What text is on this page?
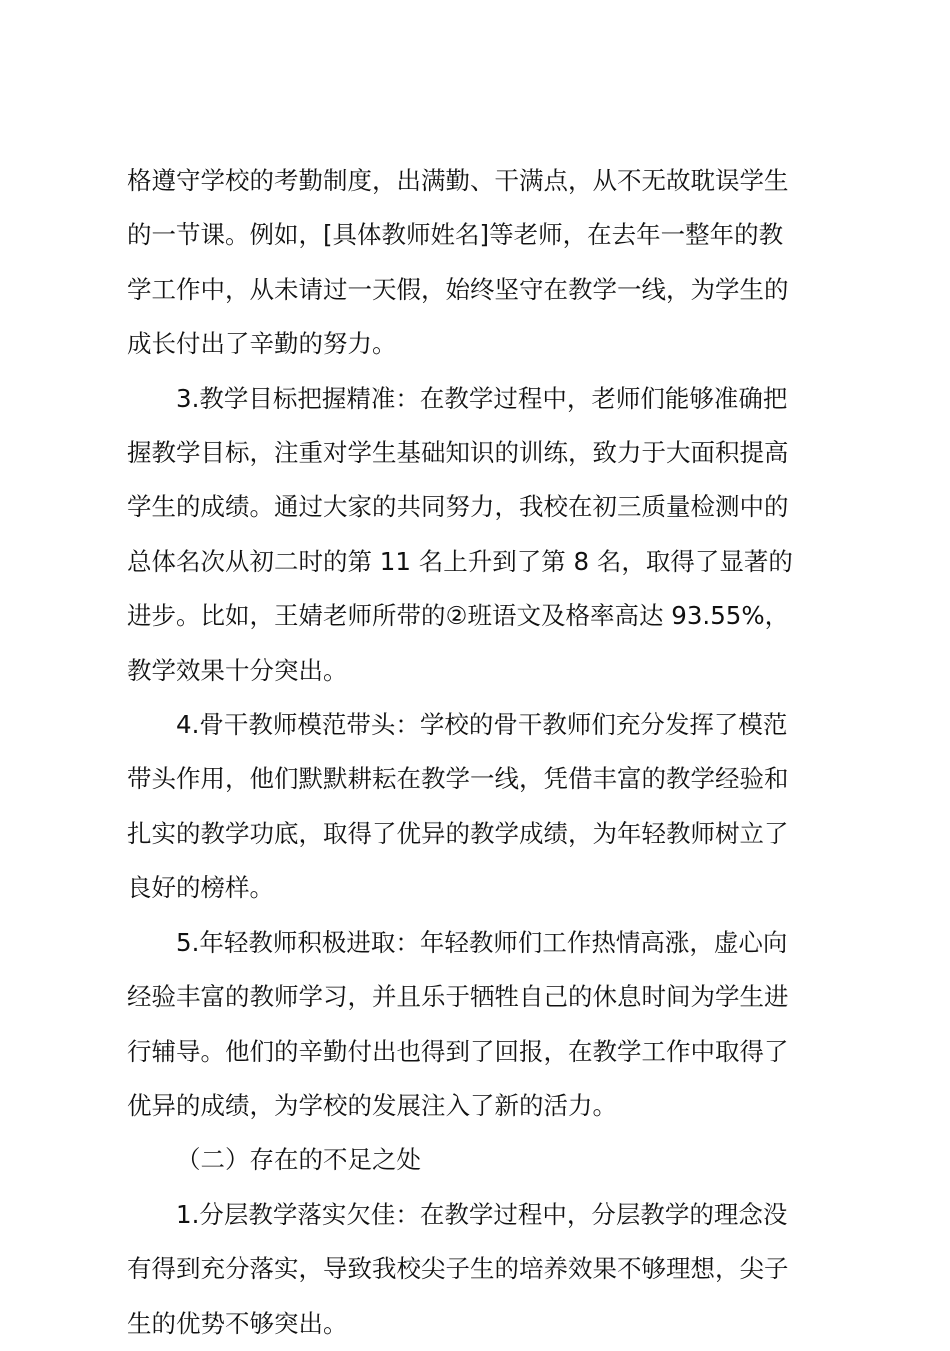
格遵守学校的考勤制度，出满勤、干满点，从不无故耽误学生
的一节课。例如，[具体教师姓名]等老师，在去年一整年的教
学工作中，从未请过一天假，始终坚守在教学一线，为学生的
成长付出了辛勤的努力。

3.教学目标把握精准：在教学过程中，老师们能够准确把
握教学目标，注重对学生基础知识的训练，致力于大面积提高
学生的成绩。通过大家的共同努力，我校在初三质量检测中的
总体名次从初二时的第 11 名上升到了第 8 名，取得了显著的
进步。比如，王婧老师所带的②班语文及格率高达 93.55%，
教学效果十分突出。

4.骨干教师模范带头：学校的骨干教师们充分发挥了模范
带头作用，他们默默耕耘在教学一线，凭借丰富的教学经验和
扎实的教学功底，取得了优异的教学成绩，为年轻教师树立了
良好的榜样。

5.年轻教师积极进取：年轻教师们工作热情高涨，虚心向
经验丰富的教师学习，并且乐于牺牲自己的休息时间为学生进
行辅导。他们的辛勤付出也得到了回报，在教学工作中取得了
优异的成绩，为学校的发展注入了新的活力。

（二）存在的不足之处

1.分层教学落实欠佳：在教学过程中，分层教学的理念没
有得到充分落实，导致我校尖子生的培养效果不够理想，尖子
生的优势不够突出。
